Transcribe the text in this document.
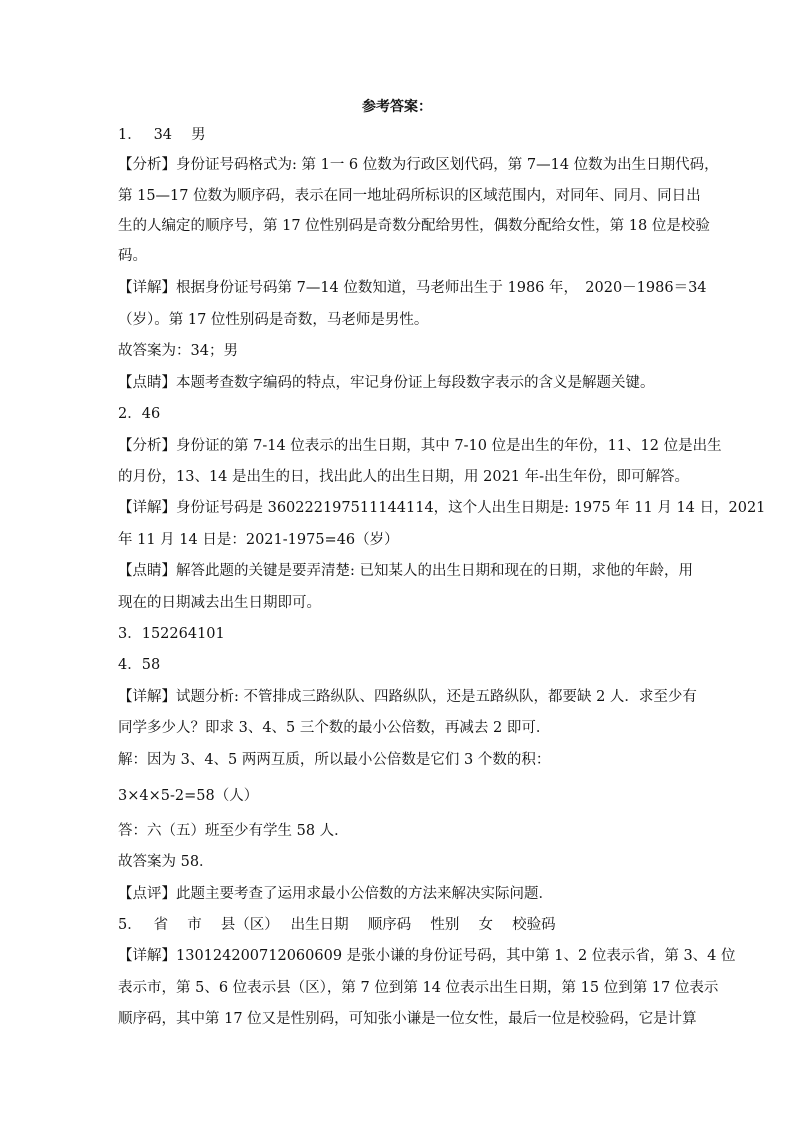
参考答案：
1．　 34　 男
【分析】身份证号码格式为: 第 1一 6 位数为行政区划代码，第 7—14 位数为出生日期代码，
第 15—17 位数为顺序码，表示在同一地址码所标识的区域范围内，对同年、同月、同日出
生的人编定的顺序号，第 17 位性别码是奇数分配给男性，偶数分配给女性，第 18 位是校验
码。
【详解】根据身份证号码第 7—14 位数知道，马老师出生于 1986 年，　2020－1986＝34
（岁）。第 17 位性别码是奇数，马老师是男性。
故答案为：34；男
【点睛】本题考查数字编码的特点，牢记身份证上每段数字表示的含义是解题关键。
2．46
【分析】身份证的第 7-14 位表示的出生日期，其中 7-10 位是出生的年份，11、12 位是出生
的月份，13、14 是出生的日，找出此人的出生日期，用 2021 年-出生年份，即可解答。
【详解】身份证号码是 360222197511144114，这个人出生日期是: 1975 年 11 月 14 日，2021
年 11 月 14 日是：2021-1975=46（岁）
【点睛】解答此题的关键是要弄清楚: 已知某人的出生日期和现在的日期，求他的年龄，用
现在的日期减去出生日期即可。
3．152264101
4．58
【详解】试题分析: 不管排成三路纵队、四路纵队，还是五路纵队，都要缺 2 人．求至少有
同学多少人？即求 3、4、5 三个数的最小公倍数，再减去 2 即可．
解：因为 3、4、5 两两互质，所以最小公倍数是它们 3 个数的积：
3×4×5-2=58（人）
答：六（五）班至少有学生 58 人．
故答案为 58．
【点评】此题主要考查了运用求最小公倍数的方法来解决实际问题．
5．　 省　 市　 县（区）　 出生日期　 顺序码　 性别　 女　 校验码
【详解】130124200712060609 是张小谦的身份证号码，其中第 1、2 位表示省，第 3、4 位
表示市，第 5、6 位表示县（区），第 7 位到第 14 位表示出生日期，第 15 位到第 17 位表示
顺序码，其中第 17 位又是性别码，可知张小谦是一位女性，最后一位是校验码，它是计算
